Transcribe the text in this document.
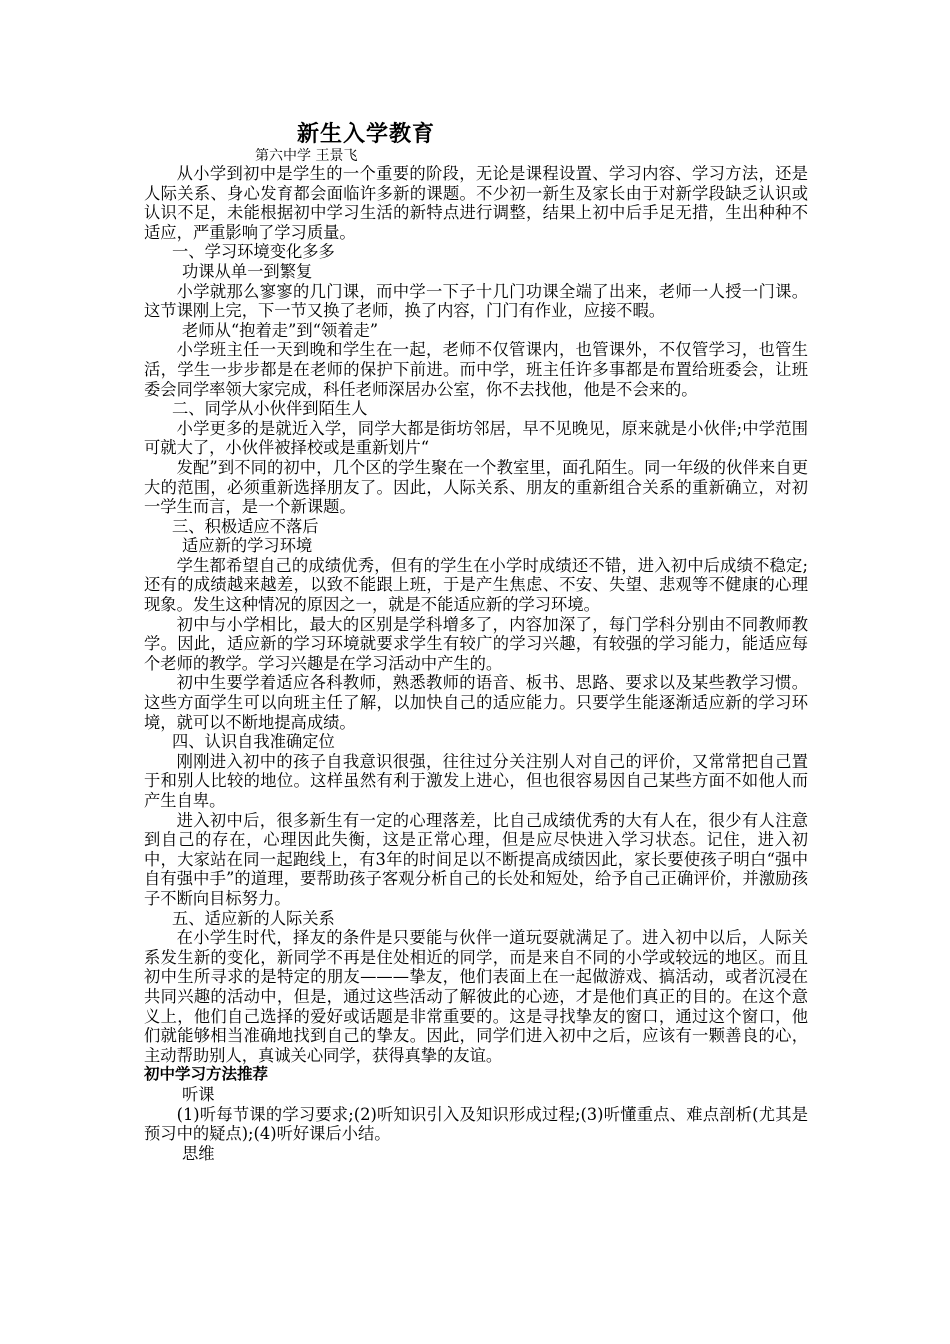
新生入学教育
第六中学 王景飞

从小学到初中是学生的一个重要的阶段，无论是课程设置、学习内容、学习方法，还是人际关系、身心发育都会面临许多新的课题。不少初一新生及家长由于对新学段缺乏认识或认识不足，未能根据初中学习生活的新特点进行调整，结果上初中后手足无措，生出种种不适应，严重影响了学习质量。

一、学习环境变化多多

功课从单一到繁复

小学就那么寥寥的几门课，而中学一下子十几门功课全端了出来，老师一人授一门课。这节课刚上完，下一节又换了老师，换了内容，门门有作业，应接不暇。

老师从“抱着走”到“领着走”

小学班主任一天到晚和学生在一起，老师不仅管课内，也管课外，不仅管学习，也管生活，学生一步步都是在老师的保护下前进。而中学，班主任许多事都是布置给班委会，让班委会同学率领大家完成，科任老师深居办公室，你不去找他，他是不会来的。

二、同学从小伙伴到陌生人

小学更多的是就近入学，同学大都是街坊邻居，早不见晚见，原来就是小伙伴;中学范围可就大了，小伙伴被择校或是重新划片“

发配”到不同的初中，几个区的学生聚在一个教室里，面孔陌生。同一年级的伙伴来自更大的范围，必须重新选择朋友了。因此，人际关系、朋友的重新组合关系的重新确立，对初一学生而言，是一个新课题。

三、积极适应不落后

适应新的学习环境

学生都希望自己的成绩优秀，但有的学生在小学时成绩还不错，进入初中后成绩不稳定;还有的成绩越来越差，以致不能跟上班，于是产生焦虑、不安、失望、悲观等不健康的心理现象。发生这种情况的原因之一，就是不能适应新的学习环境。

初中与小学相比，最大的区别是学科增多了，内容加深了，每门学科分别由不同教师教学。因此，适应新的学习环境就要求学生有较广的学习兴趣，有较强的学习能力，能适应每个老师的教学。学习兴趣是在学习活动中产生的。

初中生要学着适应各科教师，熟悉教师的语音、板书、思路、要求以及某些教学习惯。这些方面学生可以向班主任了解，以加快自己的适应能力。只要学生能逐渐适应新的学习环境，就可以不断地提高成绩。

四、认识自我准确定位

刚刚进入初中的孩子自我意识很强，往往过分关注别人对自己的评价，又常常把自己置于和别人比较的地位。这样虽然有利于激发上进心，但也很容易因自己某些方面不如他人而产生自卑。

进入初中后，很多新生有一定的心理落差，比自己成绩优秀的大有人在，很少有人注意到自己的存在，心理因此失衡，这是正常心理，但是应尽快进入学习状态。记住，进入初中，大家站在同一起跑线上，有3年的时间足以不断提高成绩因此，家长要使孩子明白“强中自有强中手”的道理，要帮助孩子客观分析自己的长处和短处，给予自己正确评价，并激励孩子不断向目标努力。

五、适应新的人际关系

在小学生时代，择友的条件是只要能与伙伴一道玩耍就满足了。进入初中以后，人际关系发生新的变化，新同学不再是住处相近的同学，而是来自不同的小学或较远的地区。而且初中生所寻求的是特定的朋友———挚友，他们表面上在一起做游戏、搞活动，或者沉浸在共同兴趣的活动中，但是，通过这些活动了解彼此的心迹，才是他们真正的目的。在这个意义上，他们自己选择的爱好或话题是非常重要的。这是寻找挚友的窗口，通过这个窗口，他们就能够相当准确地找到自己的挚友。因此，同学们进入初中之后，应该有一颗善良的心，主动帮助别人，真诚关心同学，获得真挚的友谊。

初中学习方法推荐

听课

(1)听每节课的学习要求;(2)听知识引入及知识形成过程;(3)听懂重点、难点剖析(尤其是预习中的疑点);(4)听好课后小结。

思维
